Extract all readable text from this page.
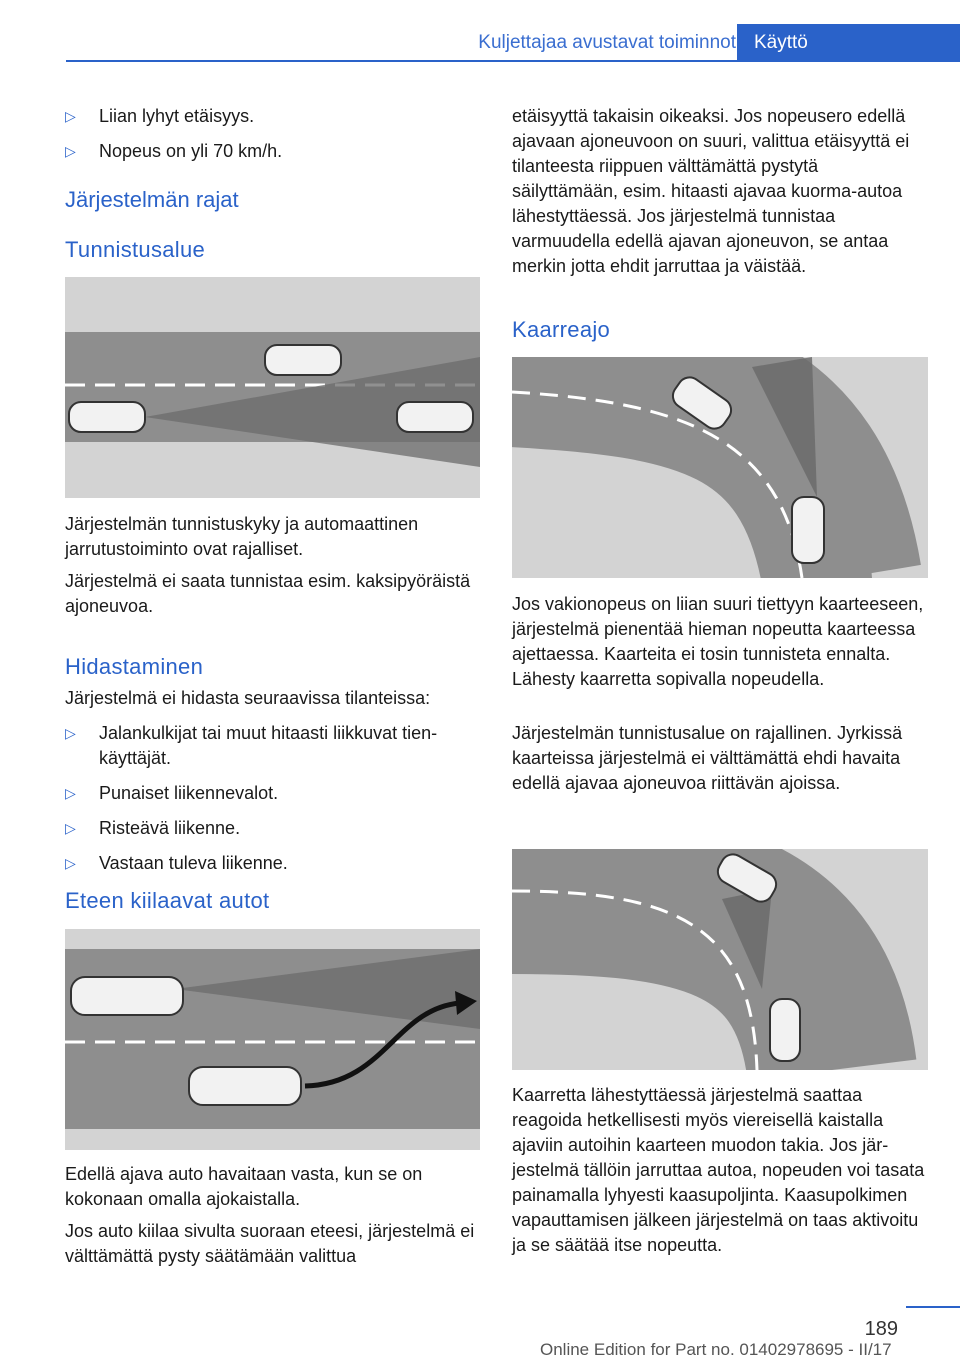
Kuljettajaa avustavat toiminnot Käyttö
▷ Liian lyhyt etäisyys.
▷ Nopeus on yli 70 km/h.
Järjestelmän rajat
Tunnistusalue

Järjestelmän tunnistuskyky ja automaattinen jarrutustoiminto ovat rajalliset.

Järjestelmä ei saata tunnistaa esim. kaksipyöräistä ajoneuvoa.

Hidastaminen

Järjestelmä ei hidasta seuraavissa tilanteissa:

▷ Jalankulkijat tai muut hitaasti liikkuvat tienkäyttäjät.
▷ Punaiset liikennevalot.
▷ Risteävä liikenne.
▷ Vastaan tuleva liikenne.
Eteen kiilaavat autot

Edellä ajava auto havaitaan vasta, kun se on kokonaan omalla ajokaistalla.

Jos auto kiilaa sivulta suoraan eteesi, järjestelmä ei välttämättä pysty säätämään valittua

etäisyyttä takaisin oikeaksi. Jos nopeusero edellä ajavaan ajoneuvoon on suuri, valittua etäisyyttä ei tilanteesta riippuen välttämättä pystytä säilyttämään, esim. hitaasti ajavaa kuorma-autoa lähestyttäessä. Jos järjestelmä tunnistaa varmuudella edellä ajavan ajoneuvon, se antaa merkin jotta ehdit jarruttaa ja väistää.

Kaarreajo

Jos vakionopeus on liian suuri tiettyyn kaarteeseen, järjestelmä pienentää hieman nopeutta kaarteessa ajettaessa. Kaarteita ei tosin tunnisteta ennalta. Lähesty kaarretta sopivalla nopeudella.

Järjestelmän tunnistusalue on rajallinen. Jyrkissä kaarteissa järjestelmä ei välttämättä ehdi havaita edellä ajavaa ajoneuvoa riittävän ajoissa.

Kaarretta lähestyttäessä järjestelmä saattaa reagoida hetkellisesti myös viereisellä kaistalla ajaviin autoihin kaarteen muodon takia. Jos järjestelmä tällöin jarruttaa autoa, nopeuden voi tasata painamalla lyhyesti kaasupoljinta. Kaasupolkimen vapauttamisen jälkeen järjestelmä on taas aktivoitu ja se säätää itse nopeutta.

189
Online Edition for Part no. 01402978695 - II/17
